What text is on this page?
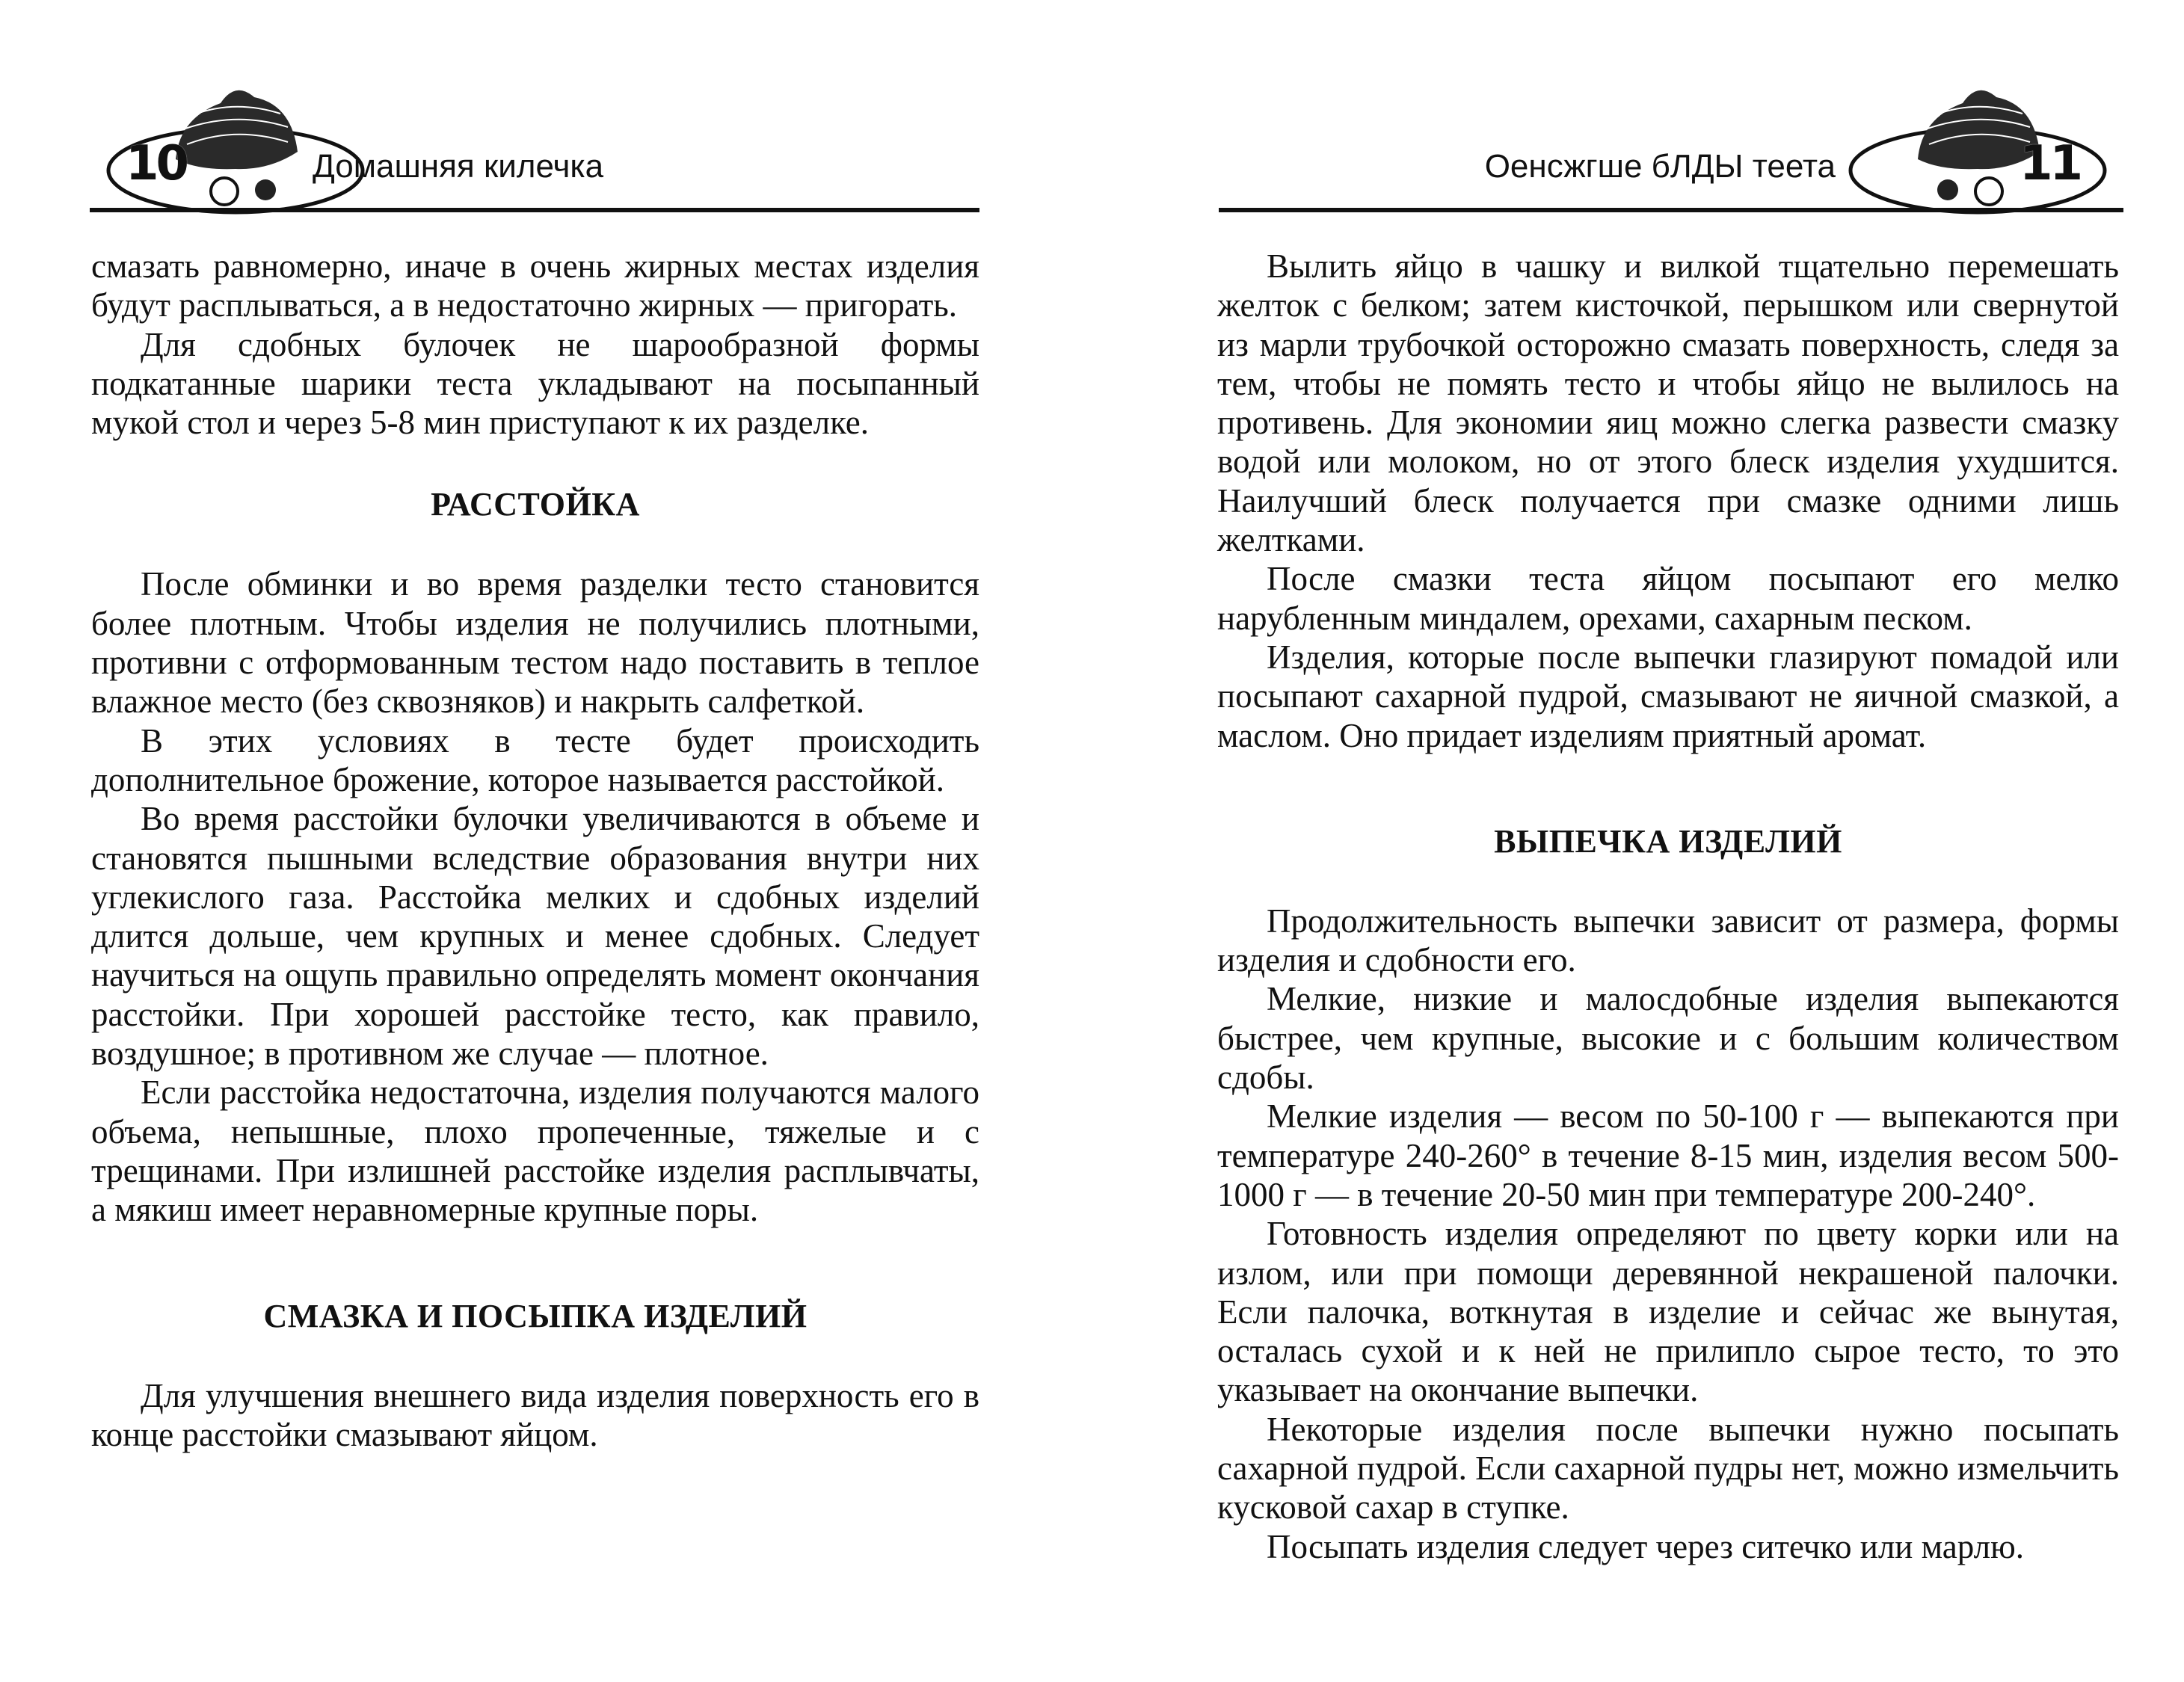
10	Домашняя килечка

смазать равномерно, иначе в очень жирных местах изделия будут расплываться, а в недостаточно жирных — пригорать.

Для сдобных булочек не шарообразной формы подкатанные шарики теста укладывают на посыпанный мукой стол и через 5-8 мин приступают к их разделке.

РАССТОЙКА

После обминки и во время разделки тесто становится более плотным. Чтобы изделия не получились плотными, противни с отформованным тестом надо поставить в теплое влажное место (без сквозняков) и накрыть салфеткой.

В этих условиях в тесте будет происходить дополнительное брожение, которое называется расстойкой.

Во время расстойки булочки увеличиваются в объеме и становятся пышными вследствие образования внутри них углекислого газа. Расстойка мелких и сдобных изделий длится дольше, чем крупных и менее сдобных. Следует научиться на ощупь правильно определять момент окончания расстойки. При хорошей расстойке тесто, как правило, воздушное; в противном же случае — плотное.

Если расстойка недостаточна, изделия получаются малого объема, непышные, плохо пропеченные, тяжелые и с трещинами. При излишней расстойке изделия расплывчаты, а мякиш имеет неравномерные крупные поры.

СМАЗКА И ПОСЫПКА ИЗДЕЛИЙ

Для улучшения внешнего вида изделия поверхность его в конце расстойки смазывают яйцом.

Оенсжгше бЛДЫ теета	11

Вылить яйцо в чашку и вилкой тщательно перемешать желток с белком; затем кисточкой, перышком или свернутой из марли трубочкой осторожно смазать поверхность, следя за тем, чтобы не помять тесто и чтобы яйцо не вылилось на противень. Для экономии яиц можно слегка развести смазку водой или молоком, но от этого блеск изделия ухудшится. Наилучший блеск получается при смазке одними лишь желтками.

После смазки теста яйцом посыпают его мелко нарубленным миндалем, орехами, сахарным песком.

Изделия, которые после выпечки глазируют помадой или посыпают сахарной пудрой, смазывают не яичной смазкой, а маслом. Оно придает изделиям приятный аромат.

ВЫПЕЧКА ИЗДЕЛИЙ

Продолжительность выпечки зависит от размера, формы изделия и сдобности его.

Мелкие, низкие и малосдобные изделия выпекаются быстрее, чем крупные, высокие и с большим количеством сдобы.

Мелкие изделия — весом по 50-100 г — выпекаются при температуре 240-260° в течение 8-15 мин, изделия весом 500-1000 г — в течение 20-50 мин при температуре 200-240°.

Готовность изделия определяют по цвету корки или на излом, или при помощи деревянной некрашеной палочки. Если палочка, воткнутая в изделие и сейчас же вынутая, осталась сухой и к ней не прилипло сырое тесто, то это указывает на окончание выпечки.

Некоторые изделия после выпечки нужно посыпать сахарной пудрой. Если сахарной пудры нет, можно измельчить кусковой сахар в ступке.

Посыпать изделия следует через ситечко или марлю.
